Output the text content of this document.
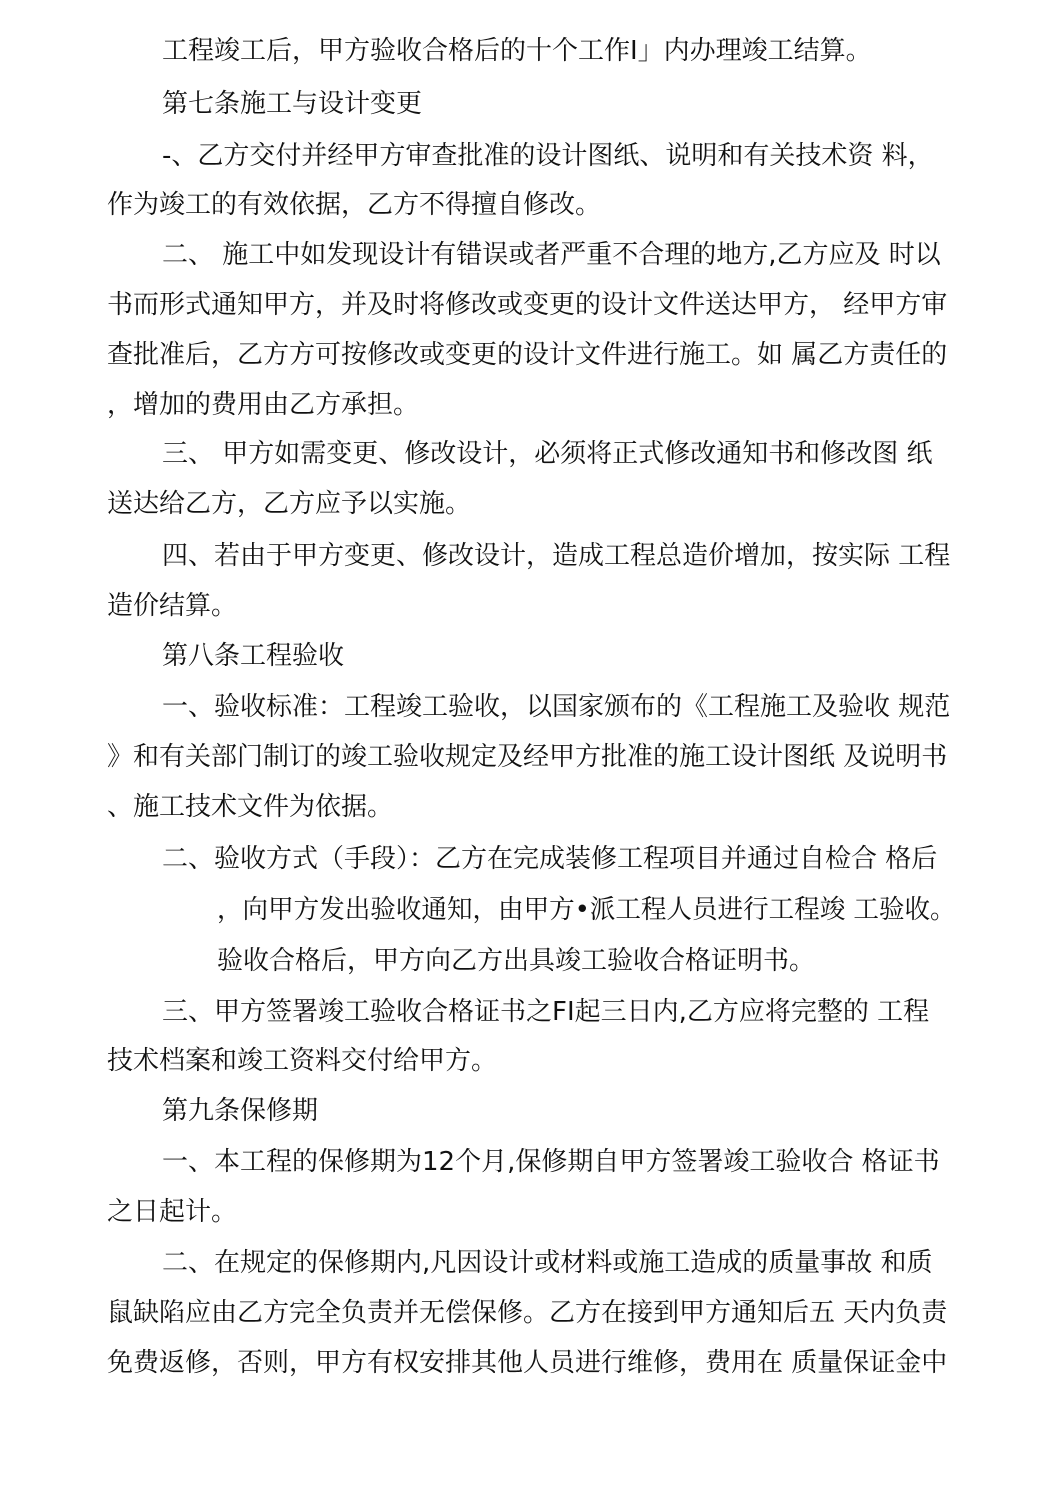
工程竣工后，甲方验收合格后的十个工作I」内办理竣工结算。
第七条施工与设计变更
-、乙方交付并经甲方审查批准的设计图纸、说明和有关技术资 料，
作为竣工的有效依据，乙方不得擅自修改。
二、 施工中如发现设计有错误或者严重不合理的地方,乙方应及 时以
书而形式通知甲方，并及时将修改或变更的设计文件送达甲方， 经甲方审
查批准后，乙方方可按修改或变更的设计文件进行施工。如 属乙方责任的
，增加的费用由乙方承担。
三、 甲方如需变更、修改设计，必须将正式修改通知书和修改图 纸
送达给乙方，乙方应予以实施。
四、若由于甲方变更、修改设计，造成工程总造价增加，按实际 工程
造价结算。
第八条工程验收
一、验收标准：工程竣工验收，以国家颁布的《工程施工及验收 规范
》和有关部门制订的竣工验收规定及经甲方批准的施工设计图纸 及说明书
、施工技术文件为依据。
二、验收方式（手段）：乙方在完成装修工程项目并通过自检合 格后
，向甲方发出验收通知，由甲方•派工程人员进行工程竣 工验收。
验收合格后，甲方向乙方出具竣工验收合格证明书。
三、甲方签署竣工验收合格证书之FI起三日内,乙方应将完整的 工程
技术档案和竣工资料交付给甲方。
第九条保修期
一、本工程的保修期为12个月,保修期自甲方签署竣工验收合 格证书
之日起计。
二、在规定的保修期内,凡因设计或材料或施工造成的质量事故 和质
鼠缺陷应由乙方完全负责并无偿保修。乙方在接到甲方通知后五 天内负责
免费返修，否则，甲方有权安排其他人员进行维修，费用在 质量保证金中
